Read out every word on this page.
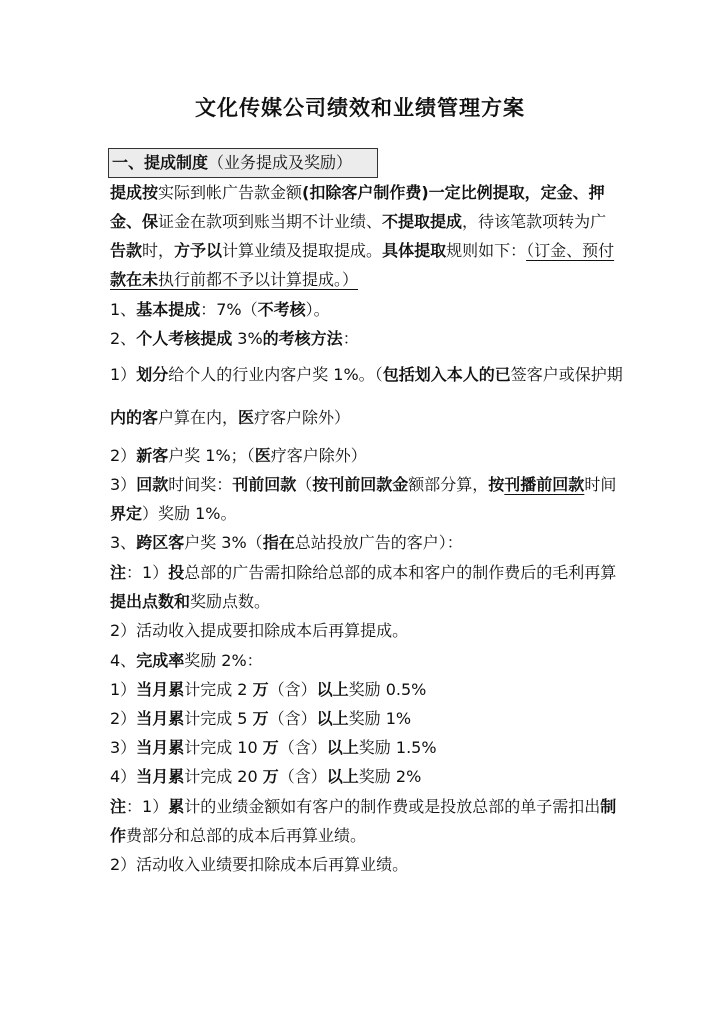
文化传媒公司绩效和业绩管理方案
一、提成制度（业务提成及奖励）
提成按实际到帐广告款金额(扣除客户制作费)一定比例提取，定金、押
金、保证金在款项到账当期不计业绩、不提取提成，待该笔款项转为广
告款时，方予以计算业绩及提取提成。具体提取规则如下：（订金、预付
款在未执行前都不予以计算提成。）
1、基本提成：7%（不考核）。
2、个人考核提成 3%的考核方法：
1）划分给个人的行业内客户奖 1%。（包括划入本人的已签客户或保护期
内的客户算在内，医疗客户除外）
2）新客户奖 1%；（医疗客户除外）
3）回款时间奖：刊前回款（按刊前回款金额部分算，按刊播前回款时间
界定）奖励 1%。
3、跨区客户奖 3%（指在总站投放广告的客户）：
注：1）投总部的广告需扣除给总部的成本和客户的制作费后的毛利再算
提出点数和奖励点数。
2）活动收入提成要扣除成本后再算提成。
4、完成率奖励 2%：
1）当月累计完成 2 万（含）以上奖励 0.5%
2）当月累计完成 5 万（含）以上奖励 1%
3）当月累计完成 10 万（含）以上奖励 1.5%
4）当月累计完成 20 万（含）以上奖励 2%
注：1）累计的业绩金额如有客户的制作费或是投放总部的单子需扣出制
作费部分和总部的成本后再算业绩。
2）活动收入业绩要扣除成本后再算业绩。
